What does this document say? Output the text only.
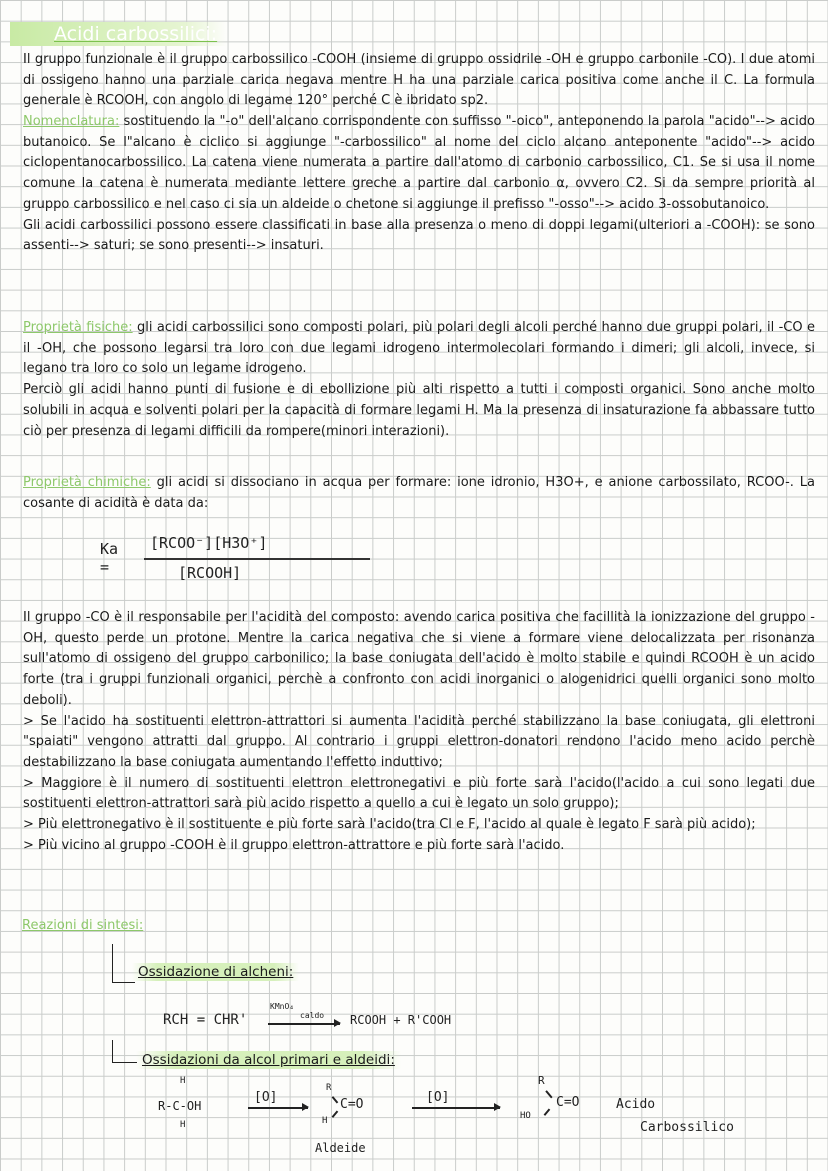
Acidi carbossilici:
Il gruppo funzionale è il gruppo carbossilico -COOH (insieme di gruppo ossidrile -OH e gruppo carbonile -CO). I due atomi di ossigeno hanno una parziale carica negava mentre H ha una parziale carica positiva come anche il C. La formula generale è RCOOH, con angolo di legame 120° perché C è ibridato sp2.
Nomenclatura: sostituendo la "-o" dell'alcano corrispondente con suffisso "-oico", anteponendo la parola "acido"--> acido butanoico. Se l"alcano è ciclico si aggiunge "-carbossilico" al nome del ciclo alcano anteponente "acido"--> acido ciclopentanocarbossilico. La catena viene numerata a partire dall'atomo di carbonio carbossilico, C1. Se si usa il nome comune la catena è numerata mediante lettere greche a partire dal carbonio α, ovvero C2. Si da sempre priorità al gruppo carbossilico e nel caso ci sia un aldeide o chetone si aggiunge il prefisso "-osso"--> acido 3-ossobutanoico.
Gli acidi carbossilici possono essere classificati in base alla presenza o meno di doppi legami(ulteriori a -COOH): se sono assenti--> saturi; se sono presenti--> insaturi.
Proprietà fisiche: gli acidi carbossilici sono composti polari, più polari degli alcoli perché hanno due gruppi polari, il -CO e il -OH, che possono legarsi tra loro con due legami idrogeno intermolecolari formando i dimeri; gli alcoli, invece, si legano tra loro co solo un legame idrogeno.
Perciò gli acidi hanno punti di fusione e di ebollizione più alti rispetto a tutti i composti organici. Sono anche molto solubili in acqua e solventi polari per la capacità di formare legami H. Ma la presenza di insaturazione fa abbassare tutto ciò per presenza di legami difficili da rompere(minori interazioni).
Proprietà chimiche: gli acidi si dissociano in acqua per formare: ione idronio, H3O+, e anione carbossilato, RCOO-. La cosante di acidità è data da:
Ka =
[RCOO⁻][H3O⁺]
[RCOOH]
Il gruppo -CO è il responsabile per l'acidità del composto: avendo carica positiva che facillità la ionizzazione del gruppo -OH, questo perde un protone. Mentre la carica negativa che si viene a formare viene delocalizzata per risonanza sull'atomo di ossigeno del gruppo carbonilico; la base coniugata dell'acido è molto stabile e quindi RCOOH è un acido forte (tra i gruppi funzionali organici, perchè a confronto con acidi inorganici o alogenidrici quelli organici sono molto deboli).
> Se l'acido ha sostituenti elettron-attrattori si aumenta l'acidità perché stabilizzano la base coniugata, gli elettroni "spaiati" vengono attratti dal gruppo. Al contrario i gruppi elettron-donatori rendono l'acido meno acido perchè destabilizzano la base coniugata aumentando l'effetto induttivo;
> Maggiore è il numero di sostituenti elettron elettronegativi e più forte sarà l'acido(l'acido a cui sono legati due sostituenti elettron-attrattori sarà più acido rispetto a quello a cui è legato un solo gruppo);
> Più elettronegativo è il sostituente e più forte sarà l'acido(tra Cl e F, l'acido al quale è legato F sarà più acido);
> Più vicino al gruppo -COOH è il gruppo elettron-attrattore e più forte sarà l'acido.
Reazioni di sintesi:
Ossidazione di alcheni:
RCH = CHR'
KMnO₄
caldo RCOOH + R'COOH
Ossidazioni da alcol primari e aldeidi:
H
R-C-OH
H
[O]
R
C=O
H
Aldeide
[O]
R
C=O
HO
Acido
Carbossilico
